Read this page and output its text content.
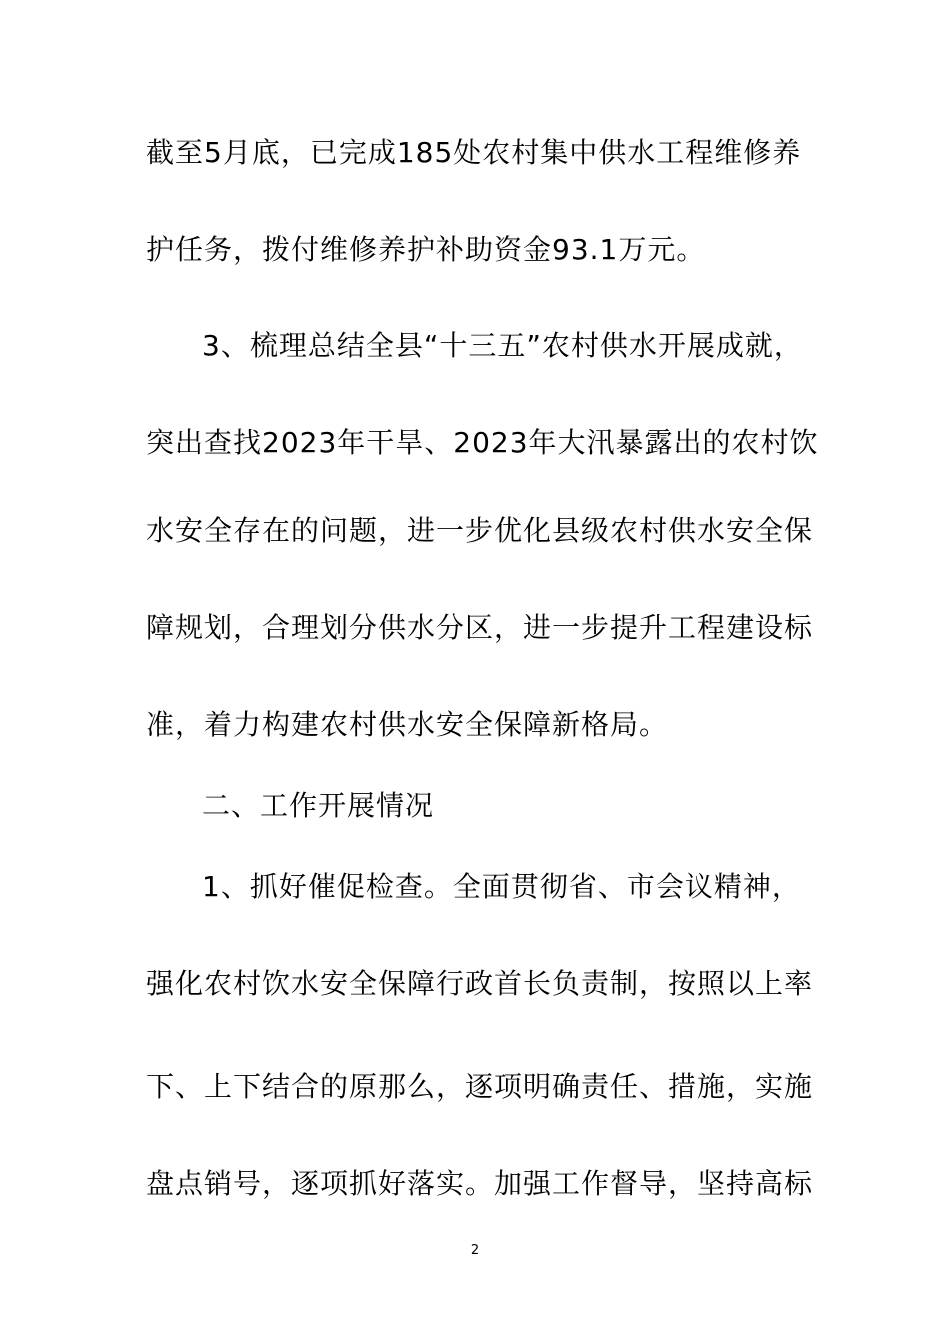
截至5月底，已完成185处农村集中供水工程维修养
护任务，拨付维修养护补助资金93.1万元。
3、梳理总结全县“十三五”农村供水开展成就，
突出查找2023年干旱、2023年大汛暴露出的农村饮
水安全存在的问题，进一步优化县级农村供水安全保
障规划，合理划分供水分区，进一步提升工程建设标
准，着力构建农村供水安全保障新格局。
二、工作开展情况
1、抓好催促检查。全面贯彻省、市会议精神，
强化农村饮水安全保障行政首长负责制，按照以上率
下、上下结合的原那么，逐项明确责任、措施，实施
盘点销号，逐项抓好落实。加强工作督导，坚持高标
2
